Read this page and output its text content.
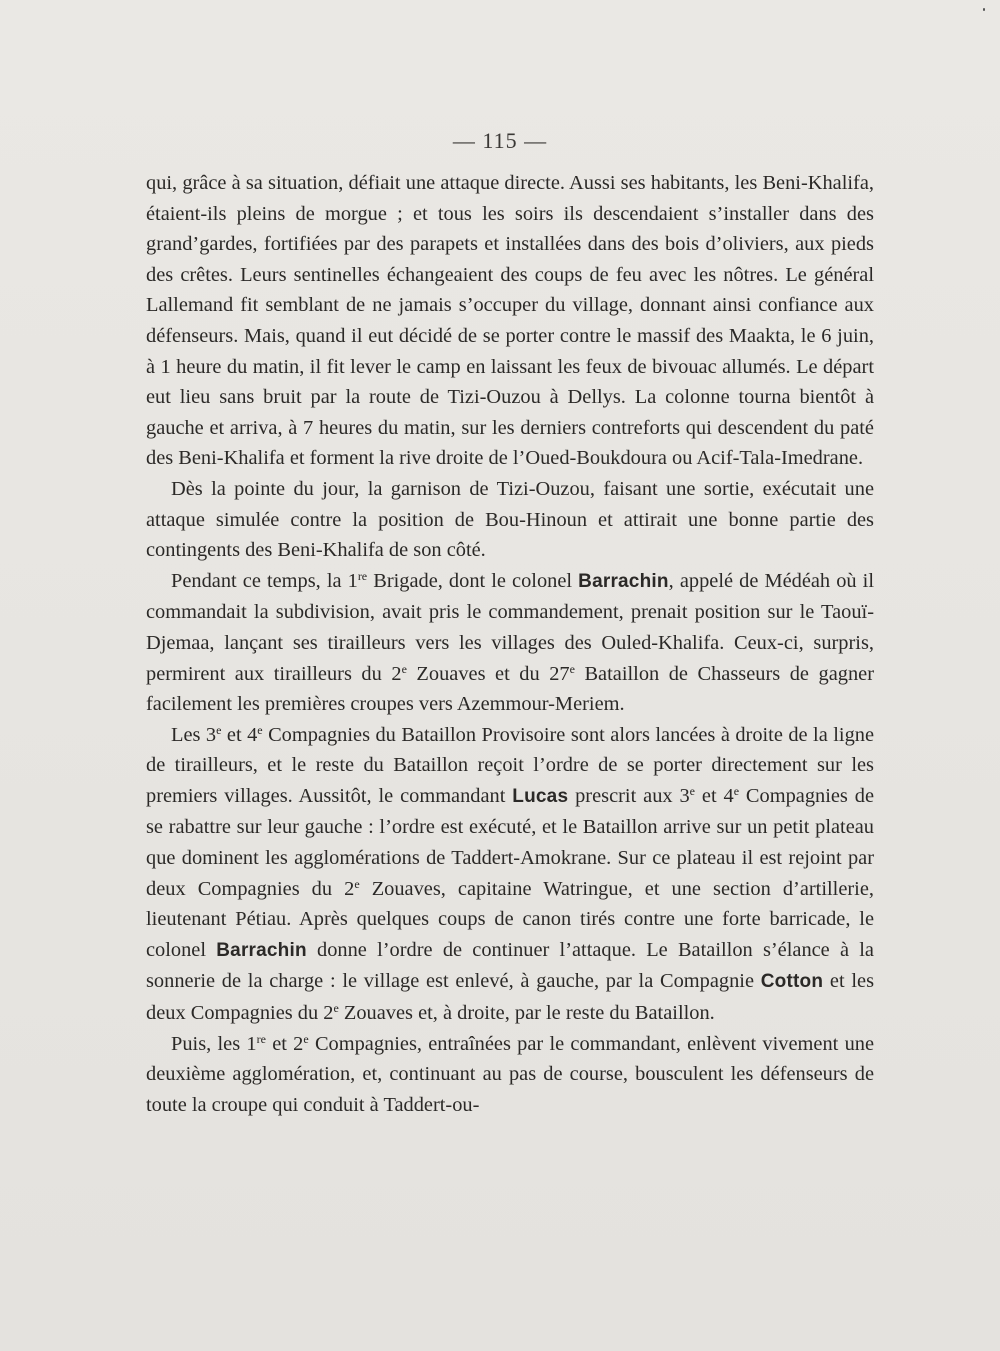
— 115 —

qui, grâce à sa situation, défiait une attaque directe. Aussi ses habitants, les Beni-Khalifa, étaient-ils pleins de morgue ; et tous les soirs ils descendaient s’installer dans des grand’gardes, fortifiées par des parapets et installées dans des bois d’oliviers, aux pieds des crêtes. Leurs sentinelles échangeaient des coups de feu avec les nôtres. Le général Lallemand fit semblant de ne jamais s’occuper du village, donnant ainsi confiance aux défenseurs. Mais, quand il eut décidé de se porter contre le massif des Maakta, le 6 juin, à 1 heure du matin, il fit lever le camp en laissant les feux de bivouac allumés. Le départ eut lieu sans bruit par la route de Tizi-Ouzou à Dellys. La colonne tourna bientôt à gauche et arriva, à 7 heures du matin, sur les derniers contreforts qui descendent du paté des Beni-Khalifa et forment la rive droite de l’Oued-Boukdoura ou Acif-Tala-Imedrane.

Dès la pointe du jour, la garnison de Tizi-Ouzou, faisant une sortie, exécutait une attaque simulée contre la position de Bou-Hinoun et attirait une bonne partie des contingents des Beni-Khalifa de son côté.

Pendant ce temps, la 1re Brigade, dont le colonel Barrachin, appelé de Médéah où il commandait la subdivision, avait pris le commandement, prenait position sur le Taouï-Djemaa, lançant ses tirailleurs vers les villages des Ouled-Khalifa. Ceux-ci, surpris, permirent aux tirailleurs du 2e Zouaves et du 27e Bataillon de Chasseurs de gagner facilement les premières croupes vers Azemmour-Meriem.

Les 3e et 4e Compagnies du Bataillon Provisoire sont alors lancées à droite de la ligne de tirailleurs, et le reste du Bataillon reçoit l’ordre de se porter directement sur les premiers villages. Aussitôt, le commandant Lucas prescrit aux 3e et 4e Compagnies de se rabattre sur leur gauche : l’ordre est exécuté, et le Bataillon arrive sur un petit plateau que dominent les agglomérations de Taddert-Amokrane. Sur ce plateau il est rejoint par deux Compagnies du 2e Zouaves, capitaine Watringue, et une section d’artillerie, lieutenant Pétiau. Après quelques coups de canon tirés contre une forte barricade, le colonel Barrachin donne l’ordre de continuer l’attaque. Le Bataillon s’élance à la sonnerie de la charge : le village est enlevé, à gauche, par la Compagnie Cotton et les deux Compagnies du 2e Zouaves et, à droite, par le reste du Bataillon.

Puis, les 1re et 2e Compagnies, entraînées par le commandant, enlèvent vivement une deuxième agglomération, et, continuant au pas de course, bousculent les défenseurs de toute la croupe qui conduit à Taddert-ou-
